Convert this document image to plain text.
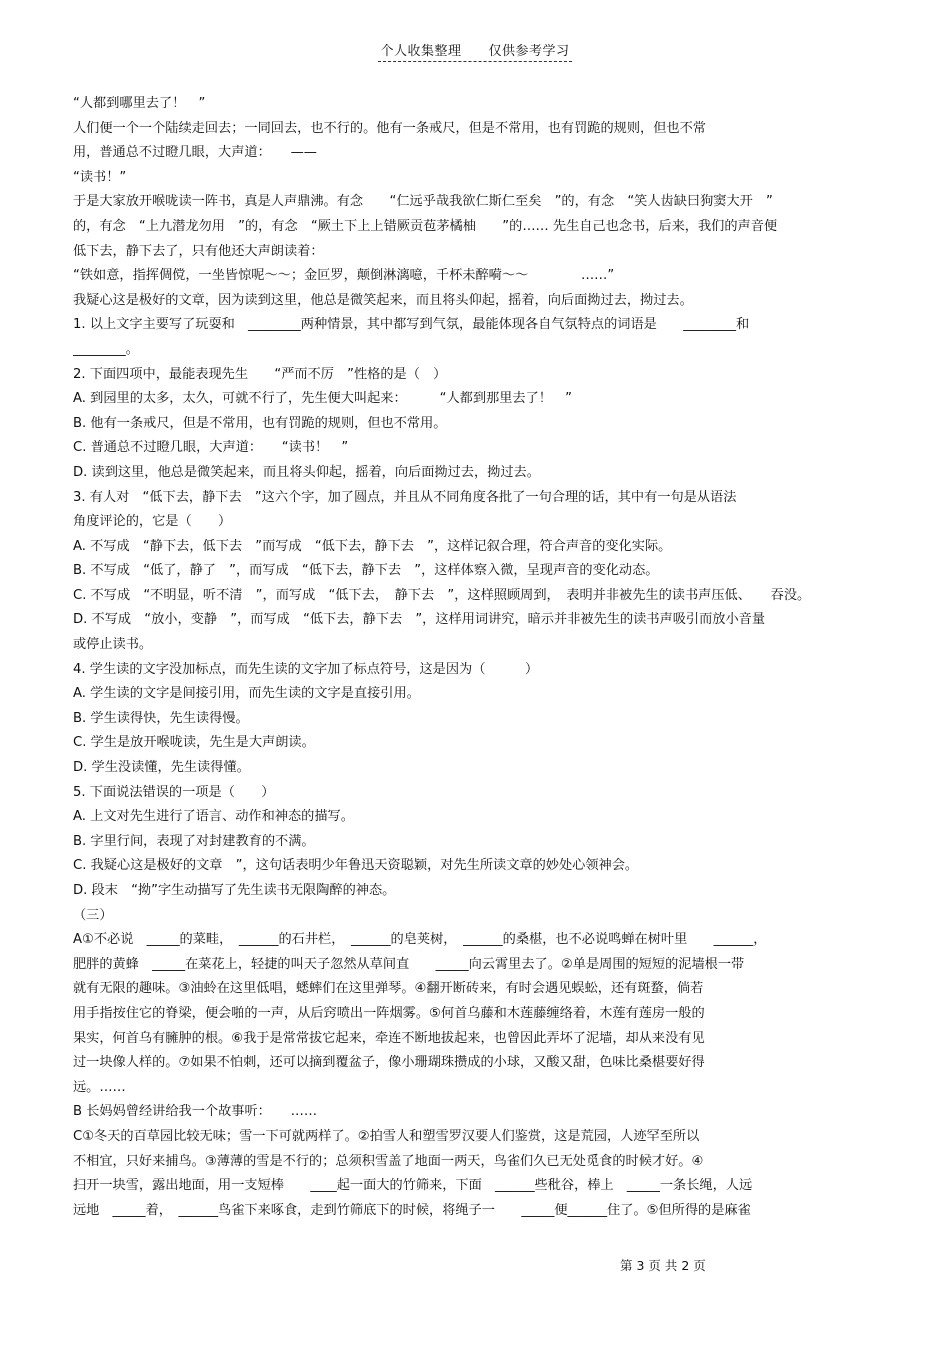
个人收集整理　　仅供参考学习
“人都到哪里去了！　”
人们便一个一个陆续走回去；一同回去，也不行的。他有一条戒尺，但是不常用，也有罚跪的规则，但也不常
用，普通总不过瞪几眼，大声道：　　——
“读书！”
于是大家放开喉咙读一阵书，真是人声鼎沸。有念　　“仁远乎哉我欲仁斯仁至矣　”的，有念　“笑人齿缺曰狗窦大开　”
的，有念　“上九潜龙勿用　”的，有念　“厥土下上上错厥贡苞茅橘柚　　”的…… 先生自己也念书，后来，我们的声音便
低下去，静下去了，只有他还大声朗读着：
“铁如意，指挥倜傥，一坐皆惊呢～～；金叵罗，颠倒淋漓噫，千杯未醉嗬～～　　　　……”
我疑心这是极好的文章，因为读到这里，他总是微笑起来，而且将头仰起，摇着，向后面拗过去，拗过去。
1. 以上文字主要写了玩耍和　________两种情景，其中都写到气氛，最能体现各自气氛特点的词语是　　________和
________。
2. 下面四项中，最能表现先生　　“严而不厉　”性格的是（　）
A. 到园里的太多，太久，可就不行了，先生便大叫起来：　　　“人都到那里去了！　”
B. 他有一条戒尺，但是不常用，也有罚跪的规则，但也不常用。
C. 普通总不过瞪几眼，大声道：　　“读书！　”
D. 读到这里，他总是微笑起来，而且将头仰起，摇着，向后面拗过去，拗过去。
3. 有人对　“低下去，静下去　”这六个字，加了圆点，并且从不同角度各批了一句合理的话，其中有一句是从语法
角度评论的，它是（　　）
A. 不写成　“静下去，低下去　”而写成　“低下去，静下去　”，这样记叙合理，符合声音的变化实际。
B. 不写成　“低了，静了　”，而写成　“低下去，静下去　”，这样体察入微，呈现声音的变化动态。
C. 不写成　“不明显，听不清　”，而写成　“低下去，　静下去　”，这样照顾周到，　表明并非被先生的读书声压低、　　吞没。
D. 不写成　“放小，变静　”，而写成　“低下去，静下去　”，这样用词讲究，暗示并非被先生的读书声吸引而放小音量
或停止读书。
4. 学生读的文字没加标点，而先生读的文字加了标点符号，这是因为（　　　）
A. 学生读的文字是间接引用，而先生读的文字是直接引用。
B. 学生读得快，先生读得慢。
C. 学生是放开喉咙读，先生是大声朗读。
D. 学生没读懂，先生读得懂。
5. 下面说法错误的一项是（　　）
A. 上文对先生进行了语言、动作和神态的描写。
B. 字里行间，表现了对封建教育的不满。
C. 我疑心这是极好的文章　”，这句话表明少年鲁迅天资聪颖，对先生所读文章的妙处心领神会。
D. 段末　“拗”字生动描写了先生读书无限陶醉的神态。
（三）
A①不必说　_____的菜畦，　______的石井栏，　______的皂荚树，　______的桑椹，也不必说鸣蝉在树叶里　　______，
肥胖的黄蜂　_____在菜花上，轻捷的叫天子忽然从草间直　　_____向云霄里去了。②单是周围的短短的泥墙根一带
就有无限的趣味。③油蛉在这里低唱，蟋蟀们在这里弹琴。④翻开断砖来，有时会遇见蜈蚣，还有斑蝥，倘若
用手指按住它的脊梁，便会啪的一声，从后窍喷出一阵烟雾。⑤何首乌藤和木莲藤缠络着，木莲有莲房一般的
果实，何首乌有臃肿的根。⑥我于是常常拔它起来，牵连不断地拔起来，也曾因此弄坏了泥墙，却从来没有见
过一块像人样的。⑦如果不怕刺，还可以摘到覆盆子，像小珊瑚珠攒成的小球，又酸又甜，色味比桑椹要好得
远。……
B 长妈妈曾经讲给我一个故事听：　　……
C①冬天的百草园比较无味；雪一下可就两样了。②拍雪人和塑雪罗汉要人们鉴赏，这是荒园，人迹罕至所以
不相宜，只好来捕鸟。③薄薄的雪是不行的；总须积雪盖了地面一两天，鸟雀们久已无处觅食的时候才好。④
扫开一块雪，露出地面，用一支短棒　　____起一面大的竹筛来，下面　______些秕谷，棒上　_____一条长绳，人远
远地　_____着，　______鸟雀下来啄食，走到竹筛底下的时候，将绳子一　　_____便______住了。⑤但所得的是麻雀
第 3 页 共 2 页
